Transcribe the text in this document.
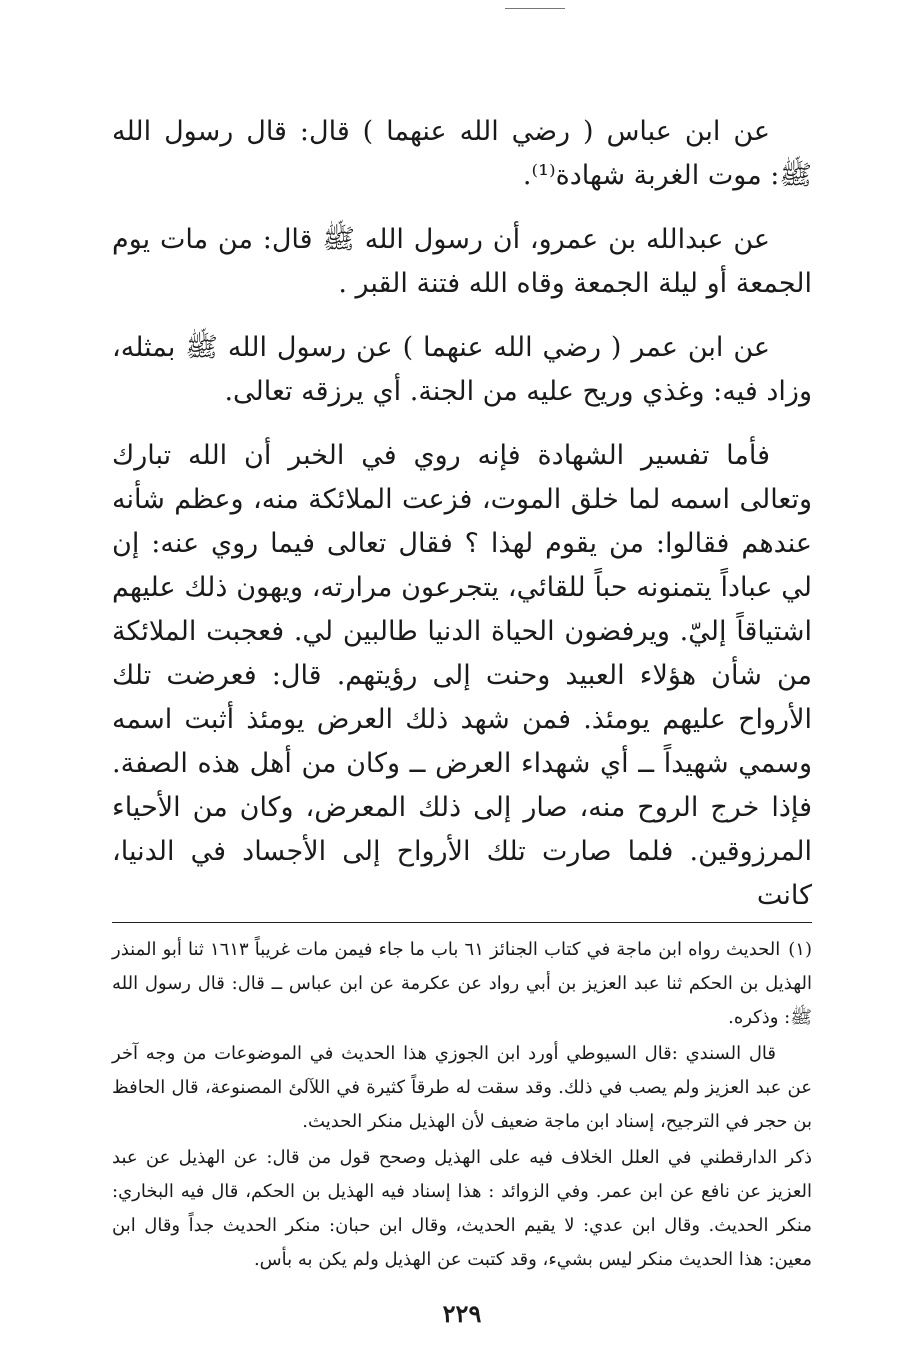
عن ابن عباس ( رضي الله عنهما ) قال: قال رسول الله ﷺ: موت الغربة شهادة⁽¹⁾.

عن عبدالله بن عمرو، أن رسول الله ﷺ قال: من مات يوم الجمعة أو ليلة الجمعة وقاه الله فتنة القبر .

عن ابن عمر ( رضي الله عنهما ) عن رسول الله ﷺ بمثله، وزاد فيه: وغذي وريح عليه من الجنة. أي يرزقه تعالى.

فأما تفسير الشهادة فإنه روي في الخبر أن الله تبارك وتعالى اسمه لما خلق الموت، فزعت الملائكة منه، وعظم شأنه عندهم فقالوا: من يقوم لهذا ؟ فقال تعالى فيما روي عنه: إن لي عباداً يتمنونه حباً للقائي، يتجرعون مرارته، ويهون ذلك عليهم اشتياقاً إليّ. ويرفضون الحياة الدنيا طالبين لي. فعجبت الملائكة من شأن هؤلاء العبيد وحنت إلى رؤيتهم. قال: فعرضت تلك الأرواح عليهم يومئذ. فمن شهد ذلك العرض يومئذ أثبت اسمه وسمي شهيداً ــ أي شهداء العرض ــ وكان من أهل هذه الصفة. فإذا خرج الروح منه، صار إلى ذلك المعرض، وكان من الأحياء المرزوقين. فلما صارت تلك الأرواح إلى الأجساد في الدنيا، كانت

(١)الحديث رواه ابن ماجة في كتاب الجنائز ٦١ باب ما جاء فيمن مات غريباً ١٦١٣ ثنا أبو المنذر الهذيل بن الحكم ثنا عبد العزيز بن أبي رواد عن عكرمة عن ابن عباس ــ قال: قال رسول الله ﷺ: وذكره.

قال السندي :قال السيوطي أورد ابن الجوزي هذا الحديث في الموضوعات من وجه آخر عن عبد العزيز ولم يصب في ذلك. وقد سقت له طرقاً كثيرة في اللآلئ المصنوعة، قال الحافظ بن حجر في الترجيح، إسناد ابن ماجة ضعيف لأن الهذيل منكر الحديث.

ذكر الدارقطني في العلل الخلاف فيه على الهذيل وصحح قول من قال: عن الهذيل عن عبد العزيز عن نافع عن ابن عمر. وفي الزوائد : هذا إسناد فيه الهذيل بن الحكم، قال فيه البخاري: منكر الحديث. وقال ابن عدي: لا يقيم الحديث، وقال ابن حبان: منكر الحديث جداً وقال ابن معين: هذا الحديث منكر ليس بشيء، وقد كتبت عن الهذيل ولم يكن به بأس.

٢٢٩
